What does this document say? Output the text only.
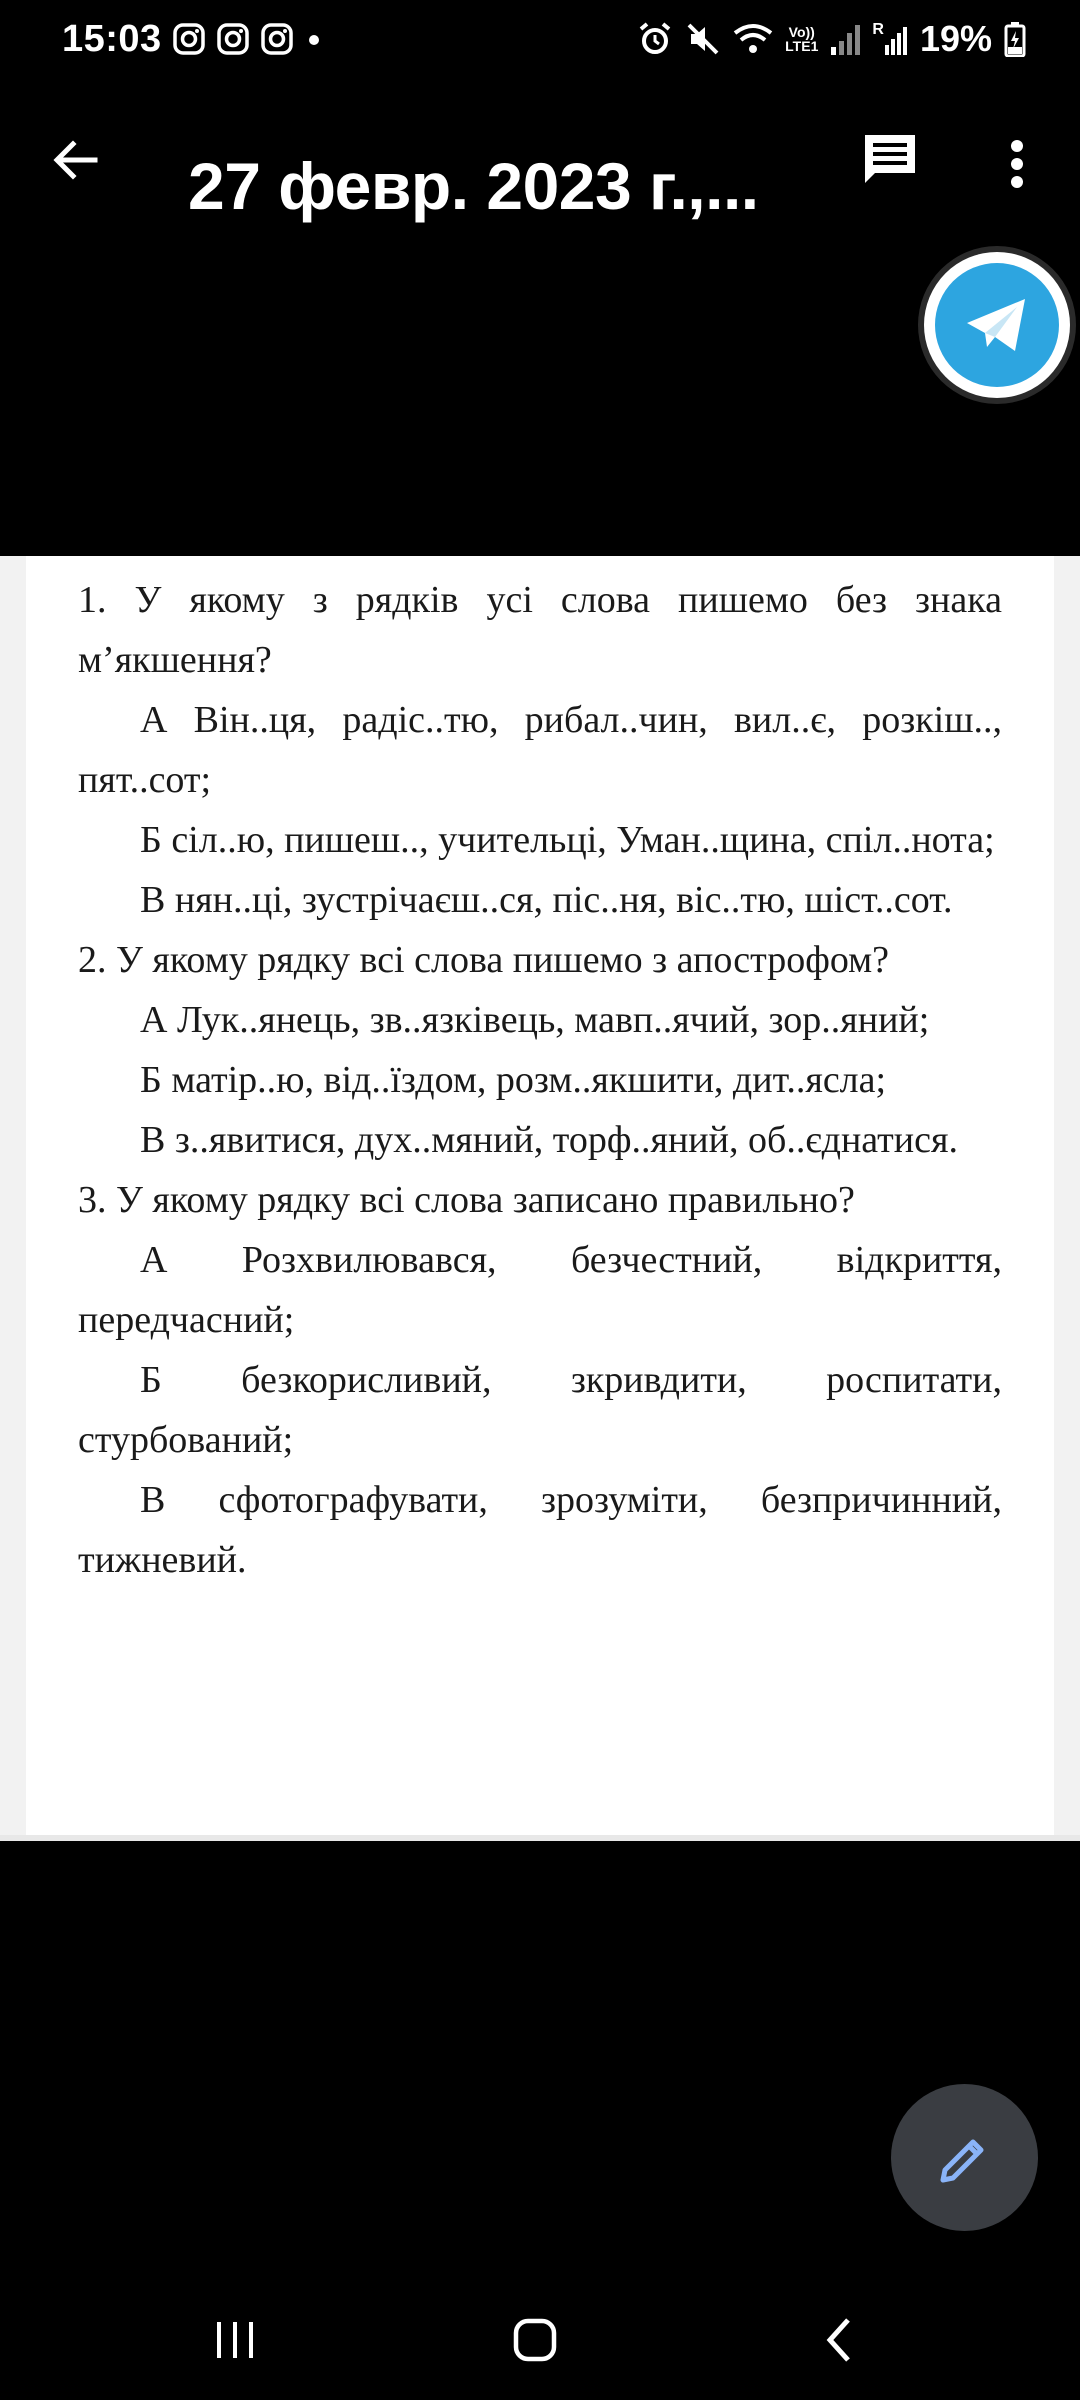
15:03	Vo))
LTE1
R 19%
27 февр. 2023 г.,...

1. У якому з рядків усі слова пишемо без знака м’якшення?

А Він..ця, радіс..тю, рибал..чин, вил..є, розкіш.., пят..сот;

Б сіл..ю, пишеш.., учительці, Уман..щина, спіл..нота;

В нян..ці, зустрічаєш..ся, піс..ня, віс..тю, шіст..сот.

2. У якому рядку всі слова пишемо з апострофом?

А Лук..янець, зв..язківець, мавп..ячий, зор..яний;

Б матір..ю, від..їздом, розм..якшити, дит..ясла;

В з..явитися, дух..мяний, торф..яний, об..єднатися.

3. У якому рядку всі слова записано правильно?

А Розхвилювався, безчестний, відкриття, передчасний;

Б безкорисливий, зкривдити, роспитати, стурбований;

В сфотографувати, зрозуміти, безпричинний, тижневий.
